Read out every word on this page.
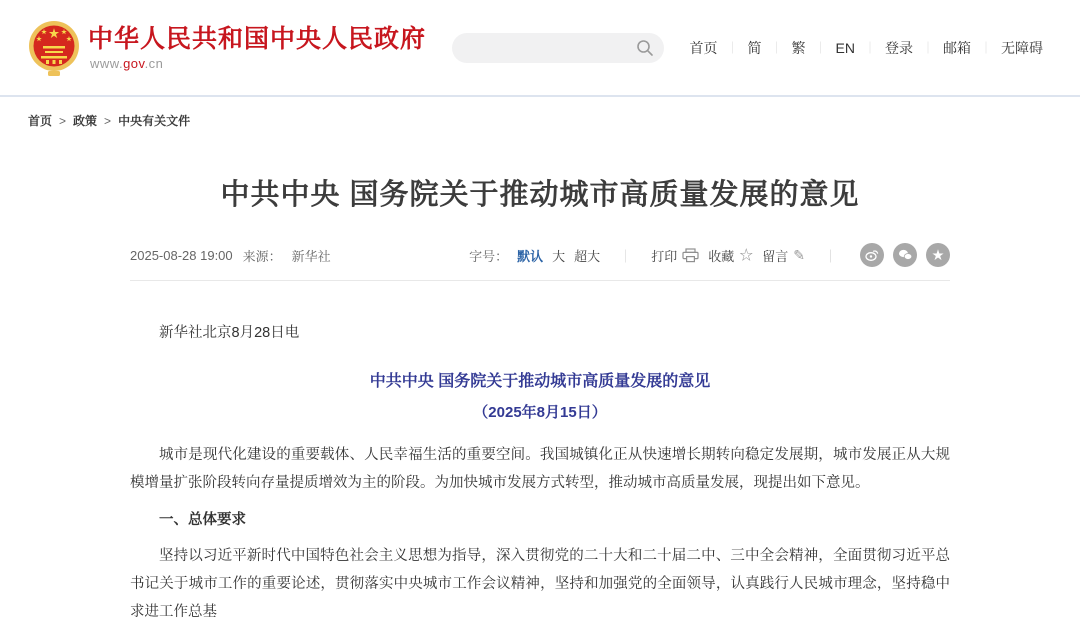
★
★ ★
★	★ 中华人民共和国中央人民政府
www.gov.cn
首页 ｜ 简 ｜ 繁 ｜ EN ｜ 登录 ｜ 邮箱 ｜ 无障碍
首页 > 政策 > 中央有关文件
中共中央 国务院关于推动城市高质量发展的意见
2025-08-28 19:00 来源： 新华社	字号： 默认 大 超大 ｜ 打印 收藏 ☆ 留言 ✎ ｜	★

新华社北京8月28日电

中共中央 国务院关于推动城市高质量发展的意见

（2025年8月15日）

城市是现代化建设的重要载体、人民幸福生活的重要空间。我国城镇化正从快速增长期转向稳定发展期，城市发展正从大规模增量扩张阶段转向存量提质增效为主的阶段。为加快城市发展方式转型，推动城市高质量发展，现提出如下意见。

一、总体要求

坚持以习近平新时代中国特色社会主义思想为指导，深入贯彻党的二十大和二十届二中、三中全会精神，全面贯彻习近平总书记关于城市工作的重要论述，贯彻落实中央城市工作会议精神，坚持和加强党的全面领导，认真践行人民城市理念，坚持稳中求进工作总基
